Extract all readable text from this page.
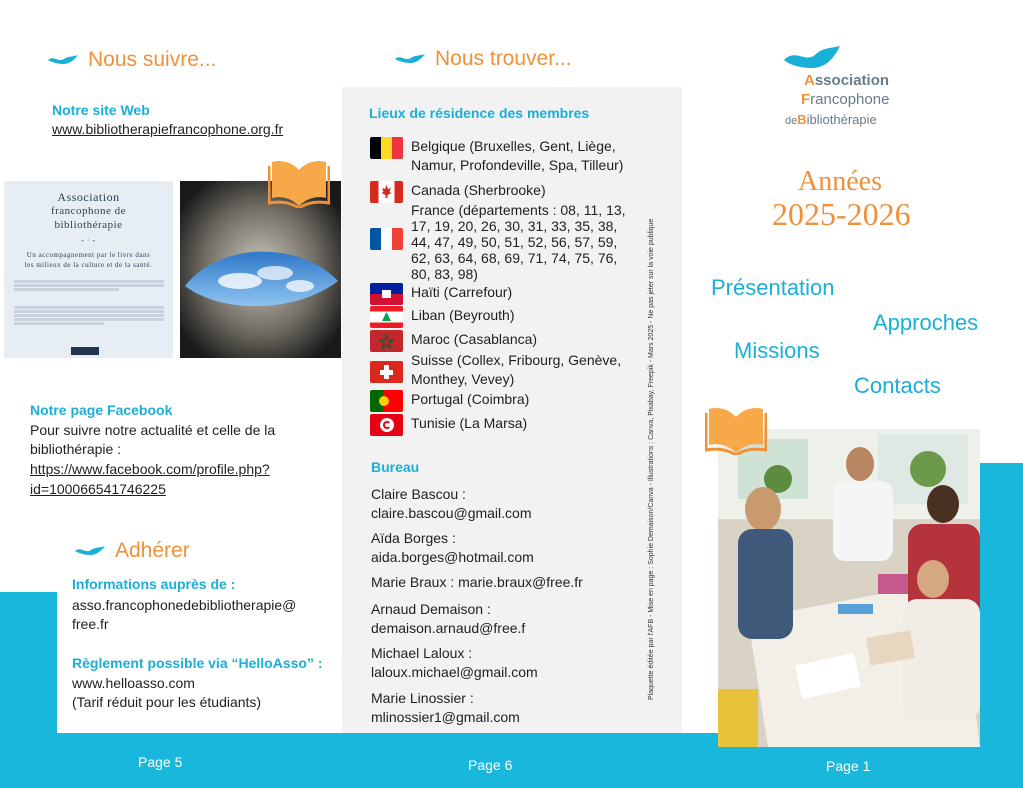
Page 5	Page 6	Page 1
Nous suivre...
Notre site Web
www.bibliotherapiefrancophone.org.fr
Association
francophone de
bibliothérapie
- · -
Un accompagnement par le livre dans
les milieux de la culture et de la santé.
Notre page Facebook
Pour suivre notre actualité et celle de la
bibliothérapie :
https://www.facebook.com/profile.php?
id=100066541746225
Adhérer
Informations auprès de :
asso.francophonedebibliotherapie@
free.fr
Règlement possible via “HelloAsso” :
www.helloasso.com
(Tarif réduit pour les étudiants)
Nous trouver...
Lieux de résidence des membres
Belgique (Bruxelles, Gent, Liège,
Namur, Profondeville, Spa, Tilleur)
Canada (Sherbrooke)
France (départements : 08, 11, 13,
17, 19, 20, 26, 30, 31, 33, 35, 38,
44, 47, 49, 50, 51, 52, 56, 57, 59,
62, 63, 64, 68, 69, 71, 74, 75, 76,
80, 83, 98)
Haïti (Carrefour)
Liban (Beyrouth)
Maroc (Casablanca)
Suisse (Collex, Fribourg, Genève,
Monthey, Vevey)
Portugal (Coimbra)
Tunisie (La Marsa)
Bureau
Claire Bascou :
claire.bascou@gmail.com
Aïda Borges :
aida.borges@hotmail.com
Marie Braux : marie.braux@free.fr
Arnaud Demaison :
demaison.arnaud@free.f
Michael Laloux :
laloux.michael@gmail.com
Marie Linossier :
mlinossier1@gmail.com
Plaquette éditée par l'AFB - Mise en page : Sophie Demaison/Canva - Illustrations : Canva, Pixabay, Freepik - Mars 2025 - Ne pas jeter sur la voie publique
Association
Francophone
deBibliothérapie
Années
2025-2026
Présentation
Approches
Missions
Contacts
